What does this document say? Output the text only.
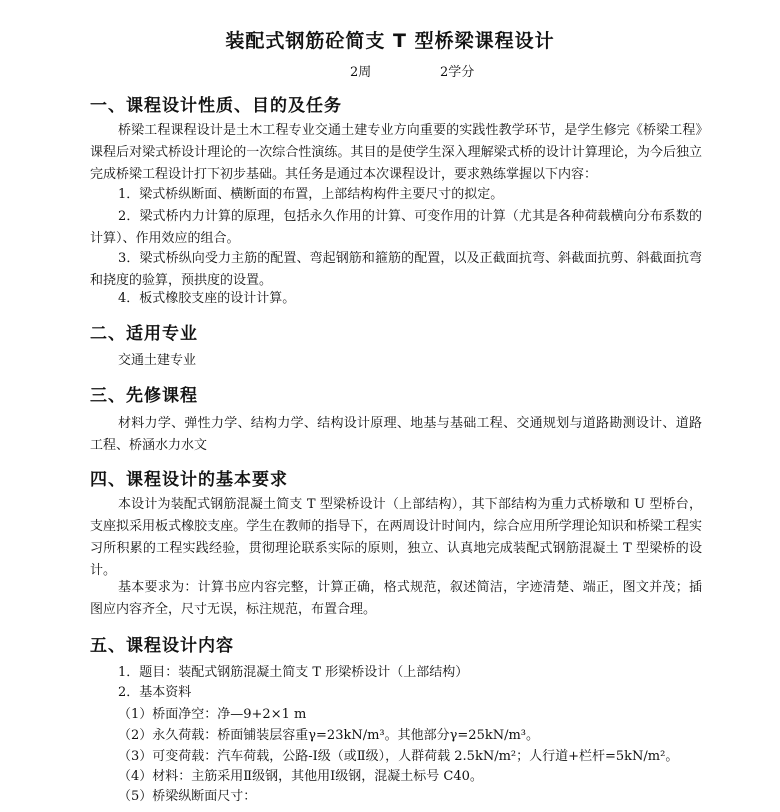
装配式钢筋砼简支 T 型桥梁课程设计
2周	2学分
一、课程设计性质、目的及任务

桥梁工程课程设计是土木工程专业交通土建专业方向重要的实践性教学环节，是学生修完《桥梁工程》课程后对梁式桥设计理论的一次综合性演练。其目的是使学生深入理解梁式桥的设计计算理论，为今后独立完成桥梁工程设计打下初步基础。其任务是通过本次课程设计，要求熟练掌握以下内容：

1．梁式桥纵断面、横断面的布置，上部结构构件主要尺寸的拟定。

2．梁式桥内力计算的原理，包括永久作用的计算、可变作用的计算（尤其是各种荷载横向分布系数的计算）、作用效应的组合。

3．梁式桥纵向受力主筋的配置、弯起钢筋和箍筋的配置，以及正截面抗弯、斜截面抗剪、斜截面抗弯和挠度的验算，预拱度的设置。

4．板式橡胶支座的设计计算。

二、适用专业

交通土建专业

三、先修课程

材料力学、弹性力学、结构力学、结构设计原理、地基与基础工程、交通规划与道路勘测设计、道路工程、桥涵水力水文

四、课程设计的基本要求

本设计为装配式钢筋混凝土简支 T 型梁桥设计（上部结构），其下部结构为重力式桥墩和 U 型桥台，支座拟采用板式橡胶支座。学生在教师的指导下，在两周设计时间内，综合应用所学理论知识和桥梁工程实习所积累的工程实践经验，贯彻理论联系实际的原则，独立、认真地完成装配式钢筋混凝土 T 型梁桥的设计。

基本要求为：计算书应内容完整，计算正确，格式规范，叙述简洁，字迹清楚、端正，图文并茂；插图应内容齐全，尺寸无误，标注规范，布置合理。

五、课程设计内容

1．题目：装配式钢筋混凝土简支 T 形梁桥设计（上部结构）

2．基本资料

（1）桥面净空：净—9+2×1 m

（2）永久荷载：桥面铺装层容重γ=23kN/m³。其他部分γ=25kN/m³。

（3）可变荷载：汽车荷载，公路-Ⅰ级（或Ⅱ级），人群荷载 2.5kN/m²；人行道+栏杆=5kN/m²。

（4）材料：主筋采用Ⅱ级钢，其他用Ⅰ级钢，混凝土标号 C40。

（5）桥梁纵断面尺寸：
